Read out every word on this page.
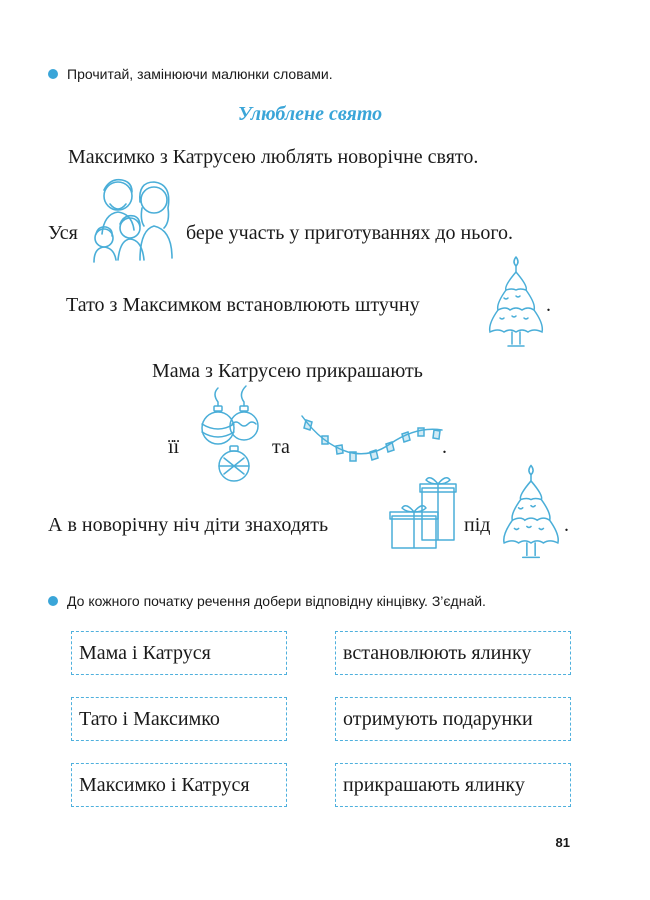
Прочитай, замінюючи малюнки словами.
Улюблене свято
Максимко з Катрусею люблять новорічне свято.
Уся	бере участь у приготуваннях до нього.
Тато з Максимком встановлюють штучну	.
Мама з Катрусею прикрашають
її	та	.
А в новорічну ніч діти знаходять	під	.
До кожного початку речення добери відповідну кінцівку. З’єднай.
Мама і Катруся
Тато і Максимко
Максимко і Катруся
встановлюють ялинку
отримують подарунки
прикрашають ялинку
81
